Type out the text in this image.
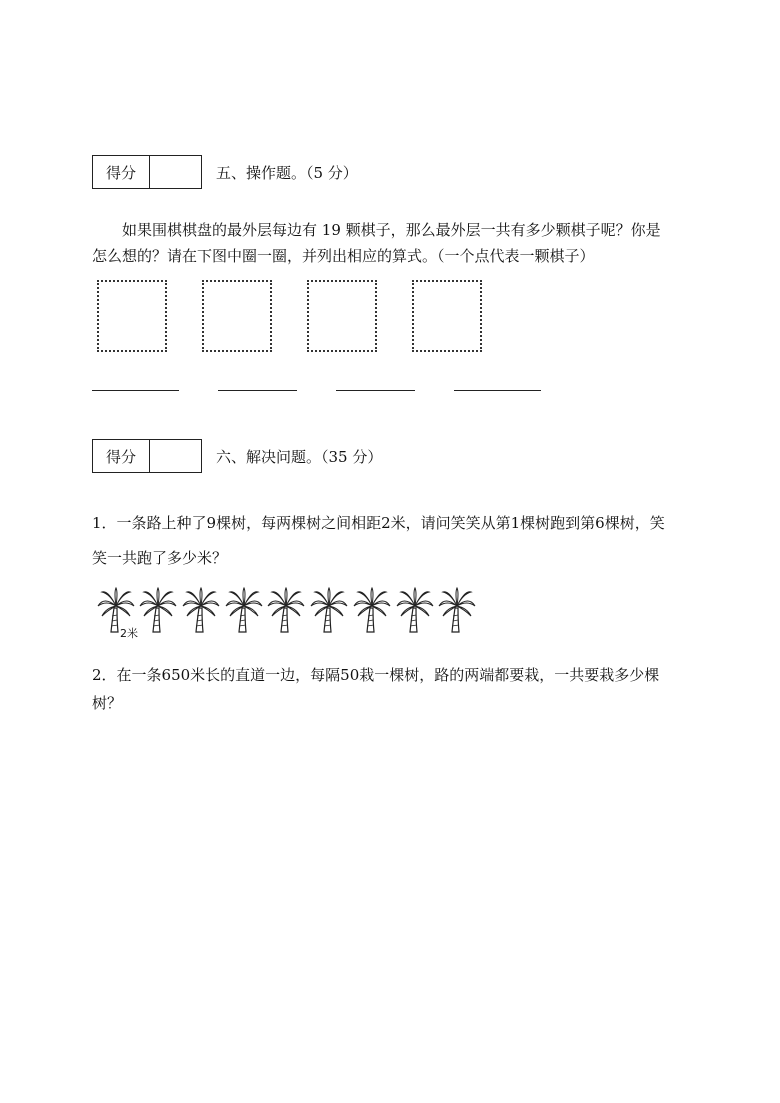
得分	五、操作题。（5 分）
如果围棋棋盘的最外层每边有 19 颗棋子，那么最外层一共有多少颗棋子呢？你是
怎么想的？请在下图中圈一圈，并列出相应的算式。（一个点代表一颗棋子）
得分	六、解决问题。（35 分）
1．一条路上种了9棵树，每两棵树之间相距2米，请问笑笑从第1棵树跑到第6棵树，笑
笑一共跑了多少米？
2米
2．在一条650米长的直道一边，每隔50栽一棵树，路的两端都要栽，一共要栽多少棵
树？
